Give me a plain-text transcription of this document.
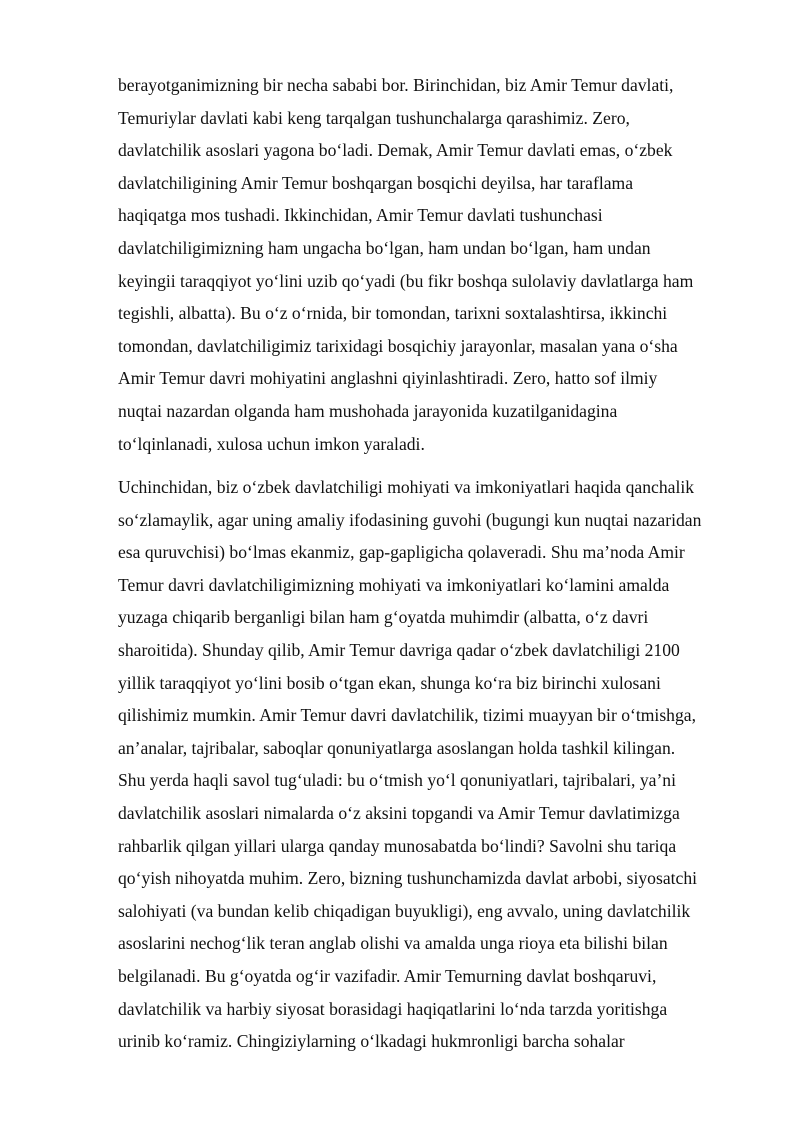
berayotganimizning bir necha sababi bor. Birinchidan, biz Amir Temur davlati,
Temuriylar davlati kabi keng tarqalgan tushunchalarga qarashimiz. Zero,
davlatchilik asoslari yagona bo‘ladi. Demak, Amir Temur davlati emas, o‘zbek
davlatchiligining Amir Temur boshqargan bosqichi deyilsa, har taraflama
haqiqatga mos tushadi. Ikkinchidan, Amir Temur davlati tushunchasi
davlatchiligimizning ham ungacha bo‘lgan, ham undan bo‘lgan, ham undan
keyingii taraqqiyot yo‘lini uzib qo‘yadi (bu fikr boshqa sulolaviy davlatlarga ham
tegishli, albatta). Bu o‘z o‘rnida, bir tomondan, tarixni soxtalashtirsa, ikkinchi
tomondan, davlatchiligimiz tarixidagi bosqichiy jarayonlar, masalan yana o‘sha
Amir Temur davri mohiyatini anglashni qiyinlashtiradi. Zero, hatto sof ilmiy
nuqtai nazardan olganda ham mushohada jarayonida kuzatilganidagina
to‘lqinlanadi, xulosa uchun imkon yaraladi.
Uchinchidan, biz o‘zbek davlatchiligi mohiyati va imkoniyatlari haqida qanchalik
so‘zlamaylik, agar uning amaliy ifodasining guvohi (bugungi kun nuqtai nazaridan
esa quruvchisi) bo‘lmas ekanmiz, gap-gapligicha qolaveradi. Shu ma’noda Amir
Temur davri davlatchiligimizning mohiyati va imkoniyatlari ko‘lamini amalda
yuzaga chiqarib berganligi bilan ham g‘oyatda muhimdir (albatta, o‘z davri
sharoitida). Shunday qilib, Amir Temur davriga qadar o‘zbek davlatchiligi 2100
yillik taraqqiyot yo‘lini bosib o‘tgan ekan, shunga ko‘ra biz birinchi xulosani
qilishimiz mumkin. Amir Temur davri davlatchilik, tizimi muayyan bir o‘tmishga,
an’analar, tajribalar, saboqlar qonuniyatlarga asoslangan holda tashkil kilingan.
Shu yerda haqli savol tug‘uladi: bu o‘tmish yo‘l qonuniyatlari, tajribalari, ya’ni
davlatchilik asoslari nimalarda o‘z aksini topgandi va Amir Temur davlatimizga
rahbarlik qilgan yillari ularga qanday munosabatda bo‘lindi? Savolni shu tariqa
qo‘yish nihoyatda muhim. Zero, bizning tushunchamizda davlat arbobi, siyosatchi
salohiyati (va bundan kelib chiqadigan buyukligi), eng avvalo, uning davlatchilik
asoslarini nechog‘lik teran anglab olishi va amalda unga rioya eta bilishi bilan
belgilanadi. Bu g‘oyatda og‘ir vazifadir. Amir Temurning davlat boshqaruvi,
davlatchilik va harbiy siyosat borasidagi haqiqatlarini lo‘nda tarzda yoritishga
urinib ko‘ramiz. Chingiziylarning o‘lkadagi hukmronligi barcha sohalar
